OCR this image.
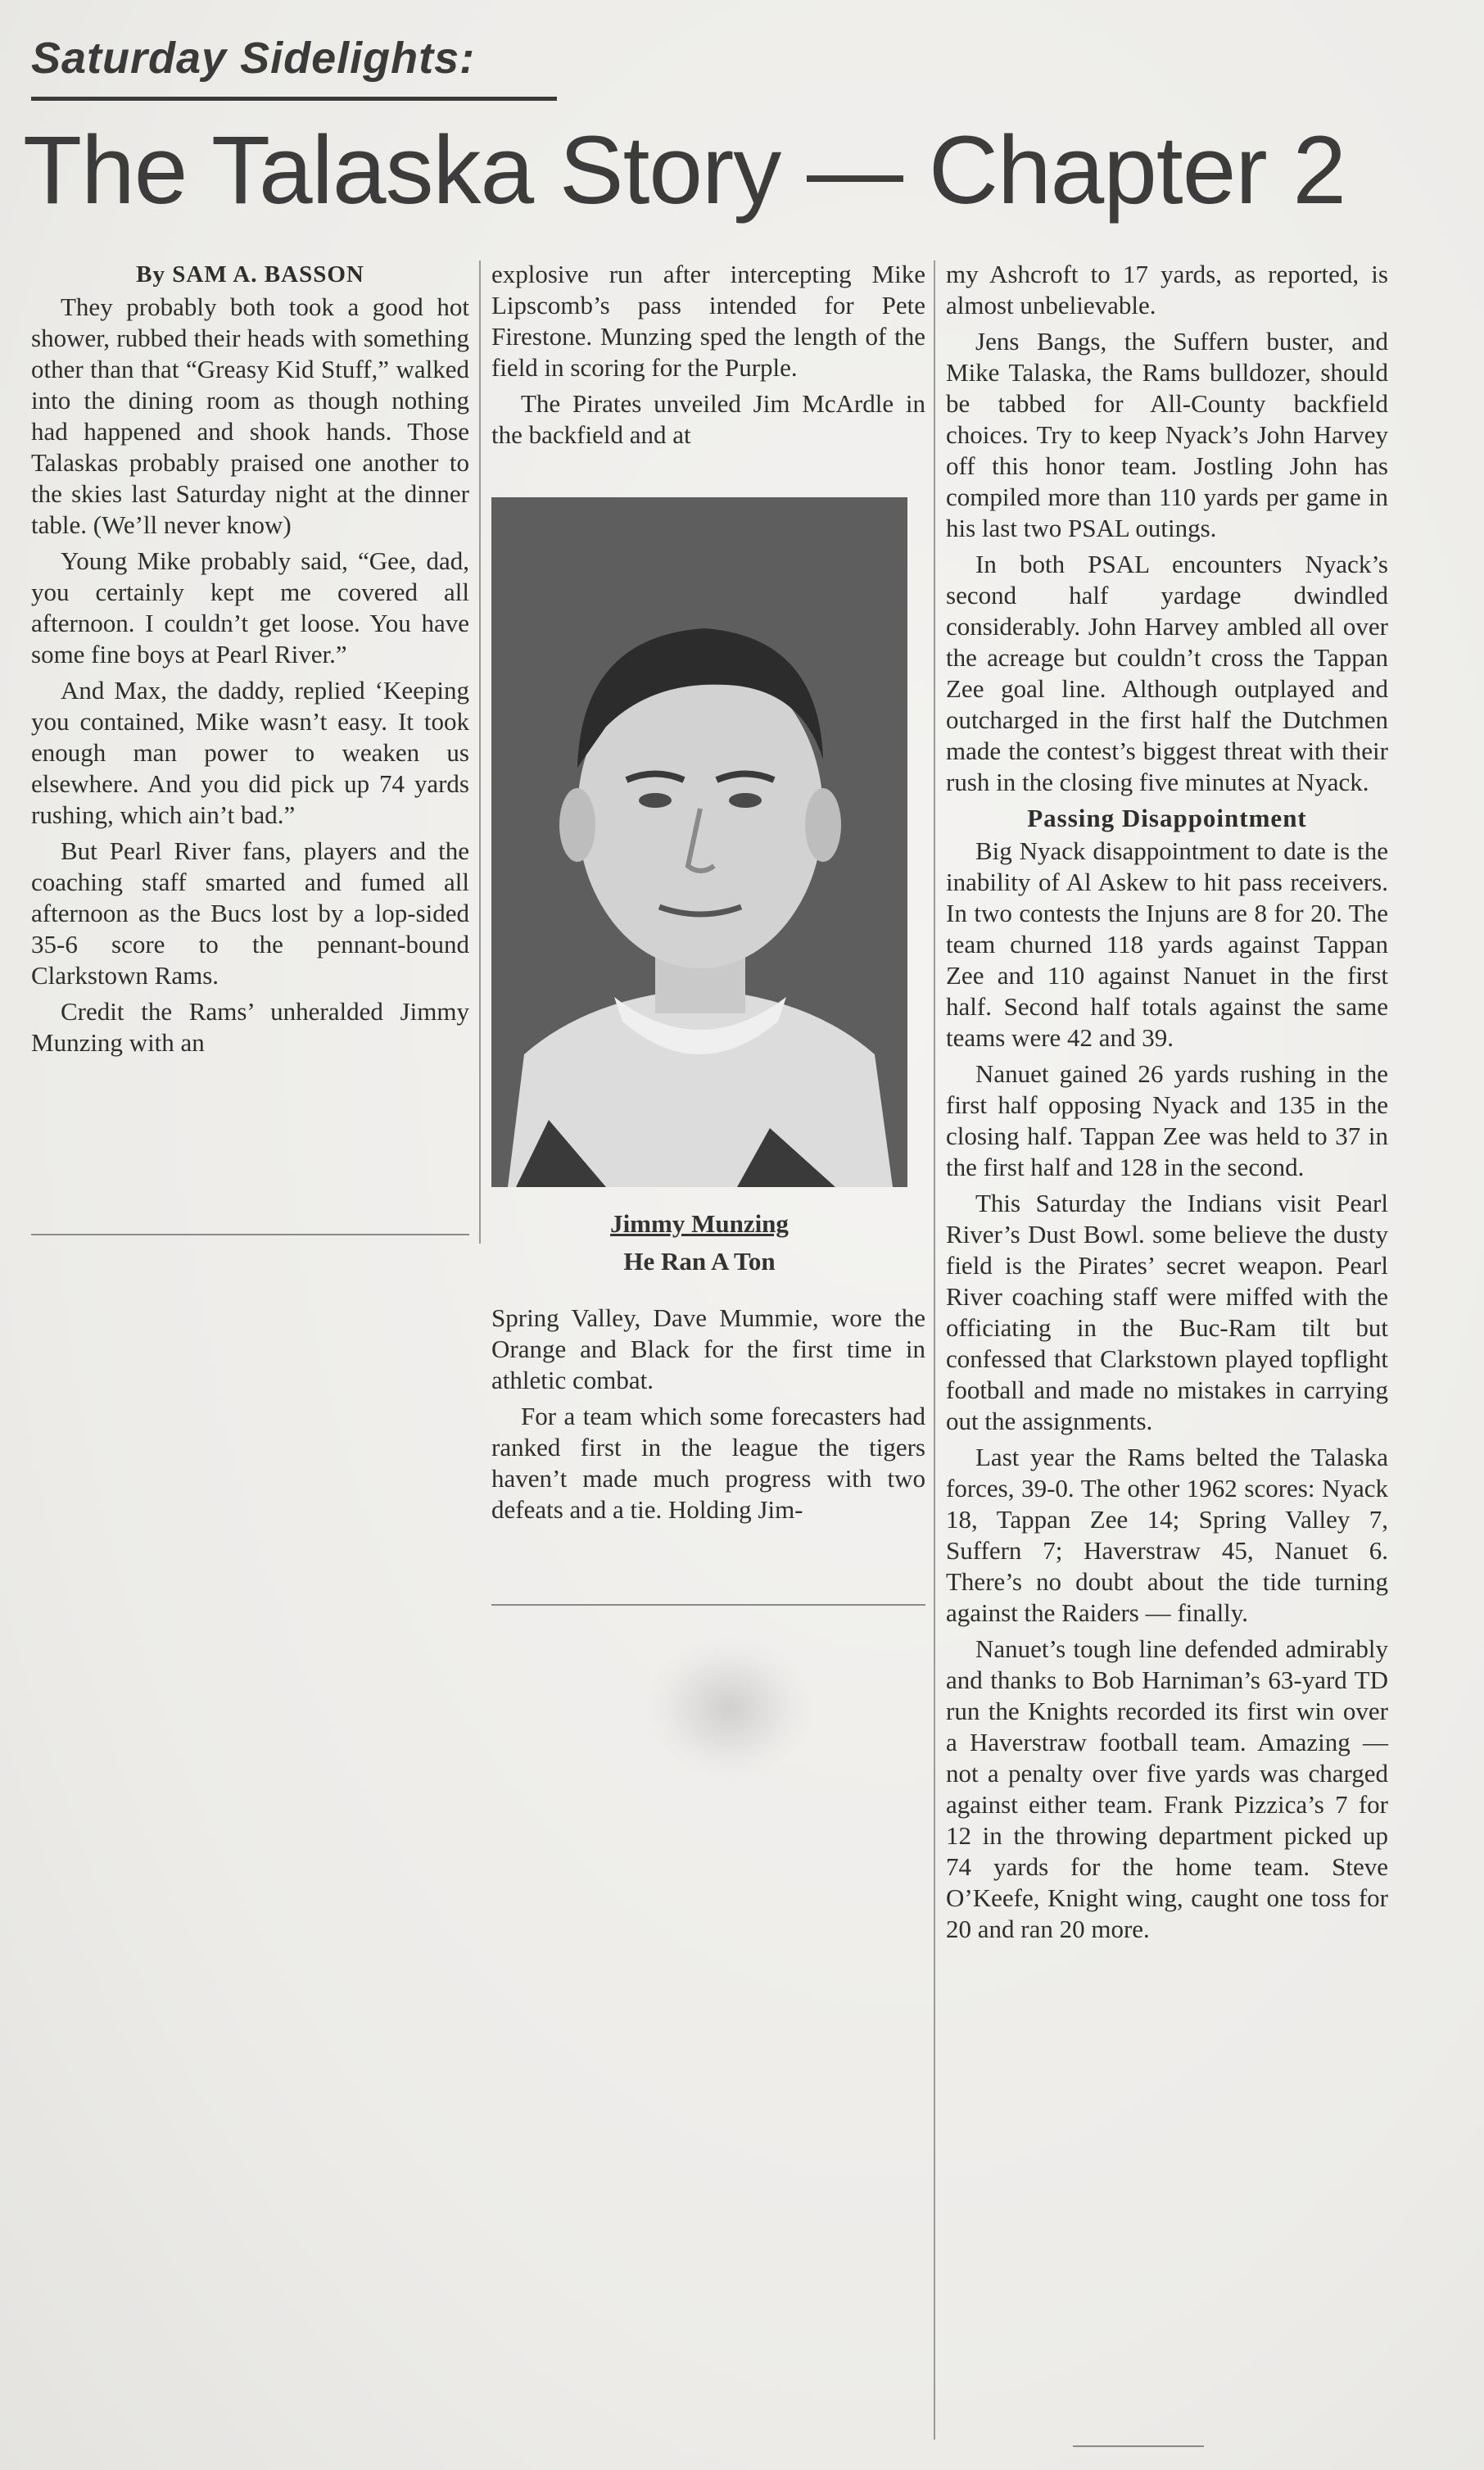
Saturday Sidelights:
The Talaska Story — Chapter 2
By SAM A. BASSON

They probably both took a good hot shower, rubbed their heads with something other than that “Greasy Kid Stuff,” walked into the dining room as though nothing had happened and shook hands. Those Talaskas probably praised one another to the skies last Saturday night at the dinner table. (We’ll never know)

Young Mike probably said, “Gee, dad, you certainly kept me covered all afternoon. I couldn’t get loose. You have some fine boys at Pearl River.”

And Max, the daddy, replied ‘Keeping you contained, Mike wasn’t easy. It took enough man power to weaken us elsewhere. And you did pick up 74 yards rushing, which ain’t bad.”

But Pearl River fans, players and the coaching staff smarted and fumed all afternoon as the Bucs lost by a lop-sided 35-6 score to the pennant-bound Clarkstown Rams.

Credit the Rams’ unheralded Jimmy Munzing with an

explosive run after intercepting Mike Lipscomb’s pass intended for Pete Firestone. Munzing sped the length of the field in scoring for the Purple.

The Pirates unveiled Jim McArdle in the backfield and at

Jimmy Munzing
He Ran A Ton

Spring Valley, Dave Mummie, wore the Orange and Black for the first time in athletic combat.

For a team which some forecasters had ranked first in the league the tigers haven’t made much progress with two defeats and a tie. Holding Jim-

my Ashcroft to 17 yards, as reported, is almost unbelievable.

Jens Bangs, the Suffern buster, and Mike Talaska, the Rams bulldozer, should be tabbed for All-County backfield choices. Try to keep Nyack’s John Harvey off this honor team. Jostling John has compiled more than 110 yards per game in his last two PSAL outings.

In both PSAL encounters Nyack’s second half yardage dwindled considerably. John Harvey ambled all over the acreage but couldn’t cross the Tappan Zee goal line. Although outplayed and outcharged in the first half the Dutchmen made the contest’s biggest threat with their rush in the closing five minutes at Nyack.

Passing Disappointment

Big Nyack disappointment to date is the inability of Al Askew to hit pass receivers. In two contests the Injuns are 8 for 20. The team churned 118 yards against Tappan Zee and 110 against Nanuet in the first half. Second half totals against the same teams were 42 and 39.

Nanuet gained 26 yards rushing in the first half opposing Nyack and 135 in the closing half. Tappan Zee was held to 37 in the first half and 128 in the second.

This Saturday the Indians visit Pearl River’s Dust Bowl. some believe the dusty field is the Pirates’ secret weapon. Pearl River coaching staff were miffed with the officiating in the Buc-Ram tilt but confessed that Clarkstown played topflight football and made no mistakes in carrying out the assignments.

Last year the Rams belted the Talaska forces, 39-0. The other 1962 scores: Nyack 18, Tappan Zee 14; Spring Valley 7, Suffern 7; Haverstraw 45, Nanuet 6. There’s no doubt about the tide turning against the Raiders — finally.

Nanuet’s tough line defended admirably and thanks to Bob Harniman’s 63-yard TD run the Knights recorded its first win over a Haverstraw football team. Amazing — not a penalty over five yards was charged against either team. Frank Pizzica’s 7 for 12 in the throwing department picked up 74 yards for the home team. Steve O’Keefe, Knight wing, caught one toss for 20 and ran 20 more.
